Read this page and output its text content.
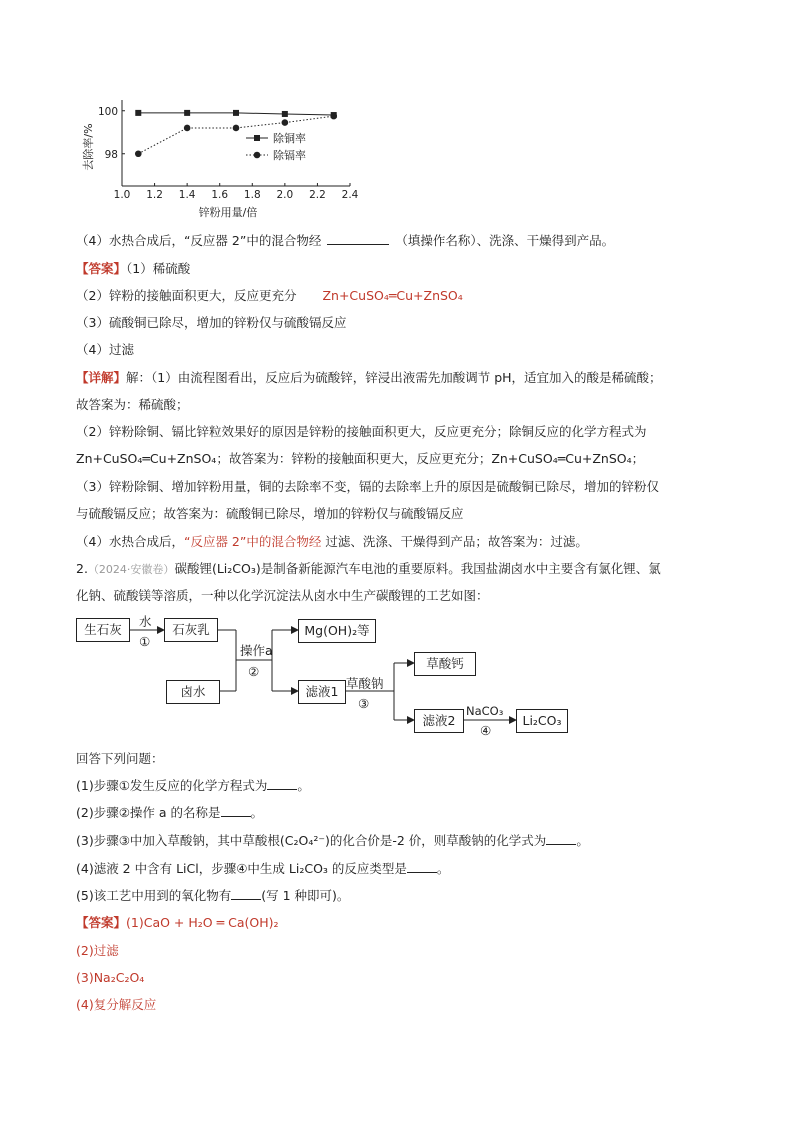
1.0 1.2 1.4 1.6 1.8 2.0 2.2 2.4
100
98
锌粉用量/倍
去除率/%	除铜率
除镉率
（4）水热合成后，“反应器 2”中的混合物经	（填操作名称）、洗涤、干燥得到产品。
【答案】（1）稀硫酸
（2）锌粉的接触面积更大，反应更充分 Zn+CuSO₄═Cu+ZnSO₄
（3）硫酸铜已除尽，增加的锌粉仅与硫酸镉反应
（4）过滤
【详解】解：（1）由流程图看出，反应后为硫酸锌，锌浸出液需先加酸调节 pH，适宜加入的酸是稀硫酸；
故答案为：稀硫酸；
（2）锌粉除铜、镉比锌粒效果好的原因是锌粉的接触面积更大，反应更充分；除铜反应的化学方程式为
Zn+CuSO₄═Cu+ZnSO₄；故答案为：锌粉的接触面积更大，反应更充分；Zn+CuSO₄═Cu+ZnSO₄；
（3）锌粉除铜、增加锌粉用量，铜的去除率不变，镉的去除率上升的原因是硫酸铜已除尽，增加的锌粉仅
与硫酸镉反应；故答案为：硫酸铜已除尽，增加的锌粉仅与硫酸镉反应
（4）水热合成后，“反应器 2”中的混合物经 过滤、洗涤、干燥得到产品；故答案为：过滤。
2.（2024·安徽卷）碳酸锂(Li₂CO₃)是制备新能源汽车电池的重要原料。我国盐湖卤水中主要含有氯化锂、氯
化钠、硫酸镁等溶质，一种以化学沉淀法从卤水中生产碳酸锂的工艺如图：
生石灰
水
①
石灰乳
卤水
操作a
②
Mg(OH)₂等
滤液1
草酸钠
③
草酸钙
滤液2
NaCO₃
④
Li₂CO₃
回答下列问题：
(1)步骤①发生反应的化学方程式为 。
(2)步骤②操作 a 的名称是 。
(3)步骤③中加入草酸钠，其中草酸根(C₂O₄²⁻)的化合价是-2 价，则草酸钠的化学式为 。
(4)滤液 2 中含有 LiCl，步骤④中生成 Li₂CO₃ 的反应类型是 。
(5)该工艺中用到的氧化物有 (写 1 种即可)。
【答案】(1)CaO + H₂O ═ Ca(OH)₂
(2)过滤
(3)Na₂C₂O₄
(4)复分解反应
